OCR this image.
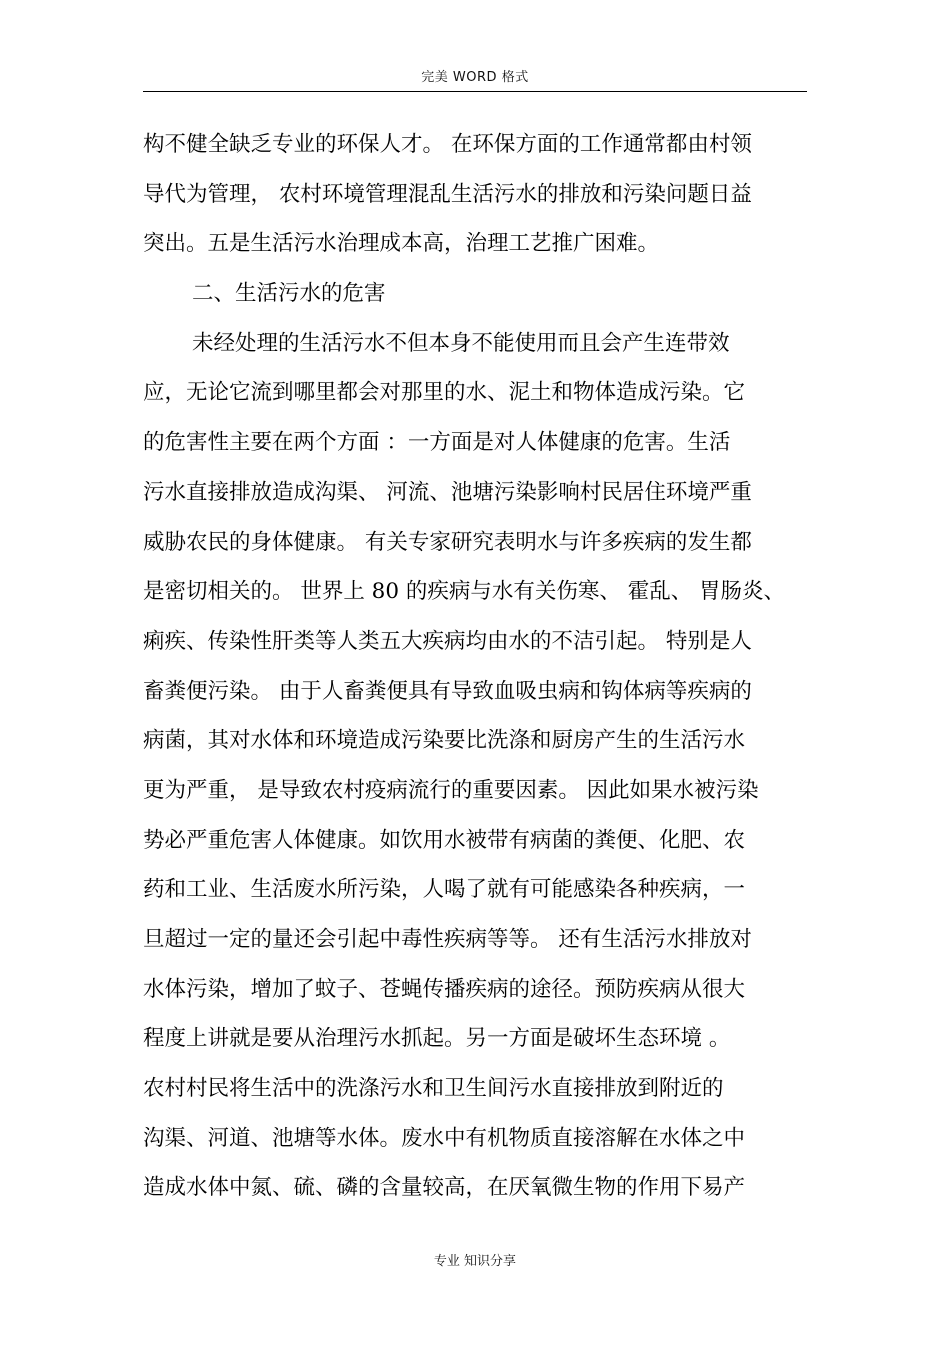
完美 WORD 格式
构不健全缺乏专业的环保人才。 在环保方面的工作通常都由村领
导代为管理， 农村环境管理混乱生活污水的排放和污染问题日益
突出。五是生活污水治理成本高，治理工艺推广困难。
二、生活污水的危害
未经处理的生活污水不但本身不能使用而且会产生连带效
应，无论它流到哪里都会对那里的水、泥土和物体造成污染。它
的危害性主要在两个方面 ：一方面是对人体健康的危害。生活
污水直接排放造成沟渠、 河流、池塘污染影响村民居住环境严重
威胁农民的身体健康。 有关专家研究表明水与许多疾病的发生都
是密切相关的。 世界上 80 的疾病与水有关伤寒、 霍乱、 胃肠炎、
痢疾、传染性肝类等人类五大疾病均由水的不洁引起。 特别是人
畜粪便污染。 由于人畜粪便具有导致血吸虫病和钩体病等疾病的
病菌，其对水体和环境造成污染要比洗涤和厨房产生的生活污水
更为严重， 是导致农村疫病流行的重要因素。 因此如果水被污染
势必严重危害人体健康。如饮用水被带有病菌的粪便、化肥、农
药和工业、生活废水所污染，人喝了就有可能感染各种疾病，一
旦超过一定的量还会引起中毒性疾病等等。 还有生活污水排放对
水体污染，增加了蚊子、苍蝇传播疾病的途径。预防疾病从很大
程度上讲就是要从治理污水抓起。另一方面是破坏生态环境 。
农村村民将生活中的洗涤污水和卫生间污水直接排放到附近的
沟渠、河道、池塘等水体。废水中有机物质直接溶解在水体之中
造成水体中氮、硫、磷的含量较高，在厌氧微生物的作用下易产
专业 知识分享
